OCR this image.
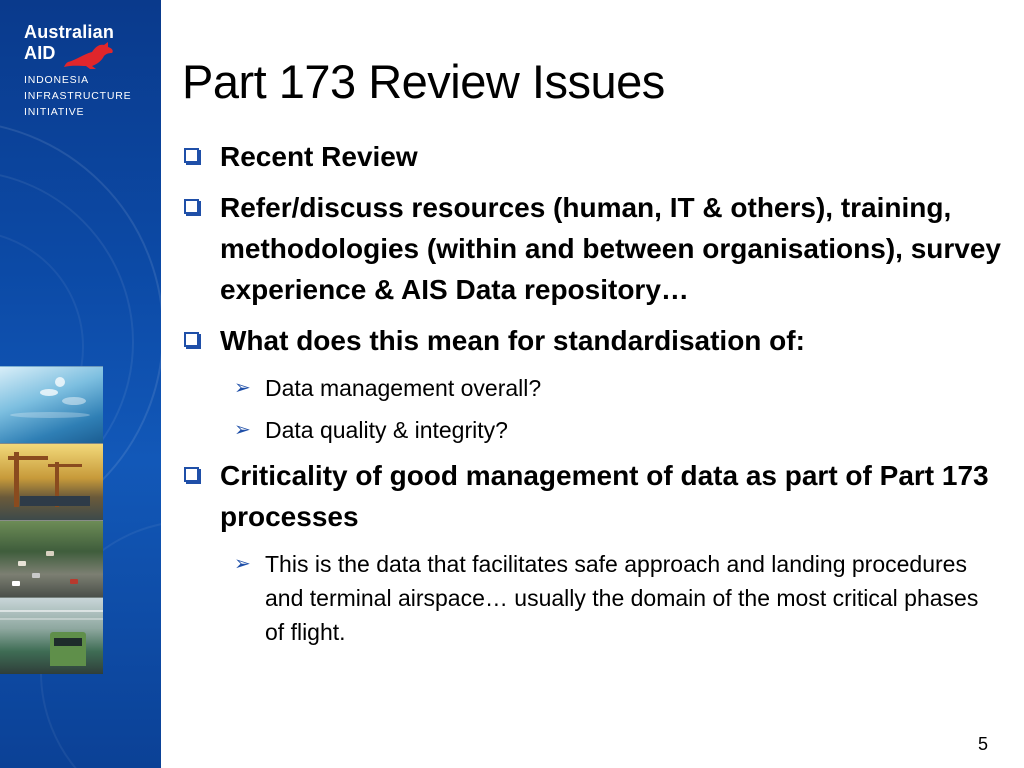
Australian
AID
INDONESIA
INFRASTRUCTURE
INITIATIVE
Part 173 Review Issues
Recent Review
Refer/discuss resources (human, IT & others), training, methodologies (within and between organisations), survey experience & AIS Data repository…
What does this mean for standardisation of:
➢ Data management overall?
➢ Data quality & integrity?
Criticality of good management of data as part of Part 173 processes
➢ This is the data that facilitates safe approach and landing procedures and terminal airspace… usually the domain of the most critical phases of flight.
5
